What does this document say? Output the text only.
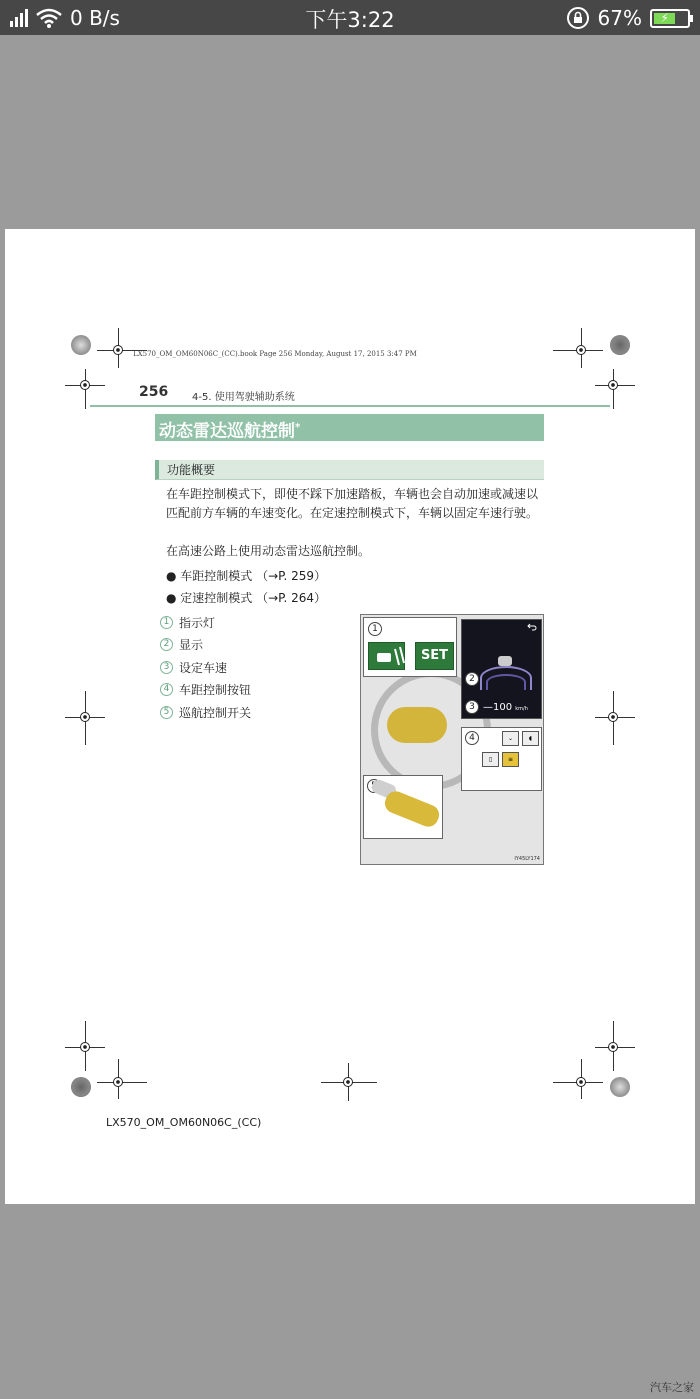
0 B/s	下午3:22	67%	⚡
LX570_OM_OM60N06C_(CC).book Page 256 Monday, August 17, 2015 3:47 PM
256 4-5. 使用驾驶辅助系统
动态雷达巡航控制*
功能概要
在车距控制模式下，即使不踩下加速踏板，车辆也会自动加速或减速以匹配前方车辆的车速变化。在定速控制模式下，车辆以固定车速行驶。
在高速公路上使用动态雷达巡航控制。
● 车距控制模式 （→P. 259）
● 定速控制模式 （→P. 264）
1 指示灯
2 显示
3 设定车速
4 车距控制按钮
5 巡航控制开关
1
SET
2
3 —100 km/h
4	⌄	◖
▯	≡
IY45LY174
LX570_OM_OM60N06C_(CC)
汽车之家
